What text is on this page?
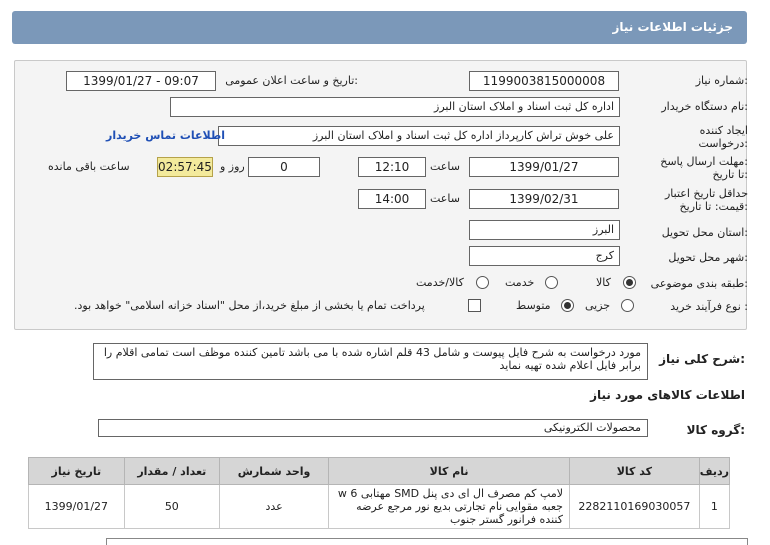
جزئیات اطلاعات نیاز
شماره نیاز:
1199003815000008
تاریخ و ساعت اعلان عمومی:
1399/01/27 - 09:07
نام دستگاه خریدار:
اداره کل ثبت اسناد و املاک استان البرز
ایجاد کننده
درخواست:
علی خوش تراش کارپرداز اداره کل ثبت اسناد و املاک استان البرز
اطلاعات تماس خریدار
مهلت ارسال پاسخ:
تا تاریخ:
1399/01/27
ساعت
12:10
0
روز و
02:57:45
ساعت باقی مانده
حداقل تاریخ اعتبار
قیمت: تا تاریخ:
1399/02/31
ساعت
14:00
استان محل تحویل:
البرز
شهر محل تحویل:
کرج
طبقه بندی موضوعی:
کالا
خدمت
کالا/خدمت
نوع فرآیند خرید :
جزیی
متوسط
پرداخت تمام یا بخشی از مبلغ خرید،از محل "اسناد خزانه اسلامی" خواهد بود.
شرح کلی نیاز:
مورد درخواست به شرح فایل پیوست و شامل 43 قلم اشاره شده با می باشد تامین کننده موظف است تمامی اقلام را برابر فایل اعلام شده تهیه نماید
اطلاعات کالاهای مورد نیاز
گروه کالا:
محصولات الکترونیکی
ردیف	کد کالا	نام کالا	واحد شمارش	تعداد / مقدار	تاریخ نیاز
1	2282110169030057	لامپ کم مصرف ال ای دی پنل SMD مهتابی 6 w جعبه مقوایی نام تجارتی بدیع نور مرجع عرضه کننده فرانور گستر جنوب	عدد	50	1399/01/27
